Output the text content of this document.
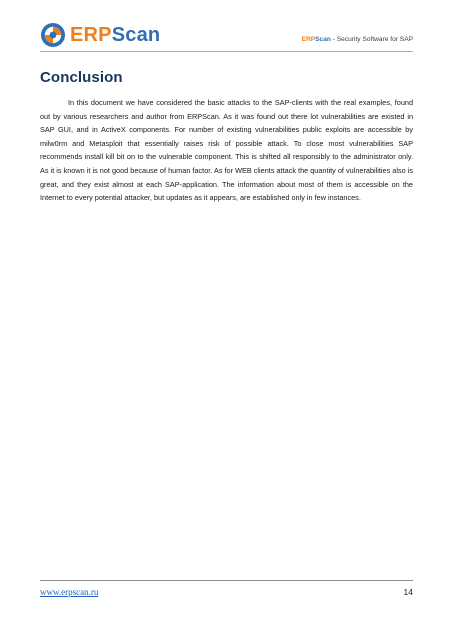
ERPScan	ERPScan - Security Software for SAP
Conclusion

In this document we have considered the basic attacks to the SAP-clients with the real examples, found out by various researchers and author from ERPScan. As it was found out there lot vulnerabilities are existed in SAP GUI, and in ActiveX components. For number of existing vulnerabilities public exploits are accessible by milw0rm and Metasploit that essentially raises risk of possible attack. To close most vulnerabilities SAP recommends install kill bit on to the vulnerable component. This is shifted all responsibly to the administrator only. As it is known it is not good because of human factor. As for WEB clients attack the quantity of vulnerabilities also is great, and they exist almost at each SAP-application. The information about most of them is accessible on the Internet to every potential attacker, but updates as it appears, are established only in few instances.

www.erpscan.ru	14
